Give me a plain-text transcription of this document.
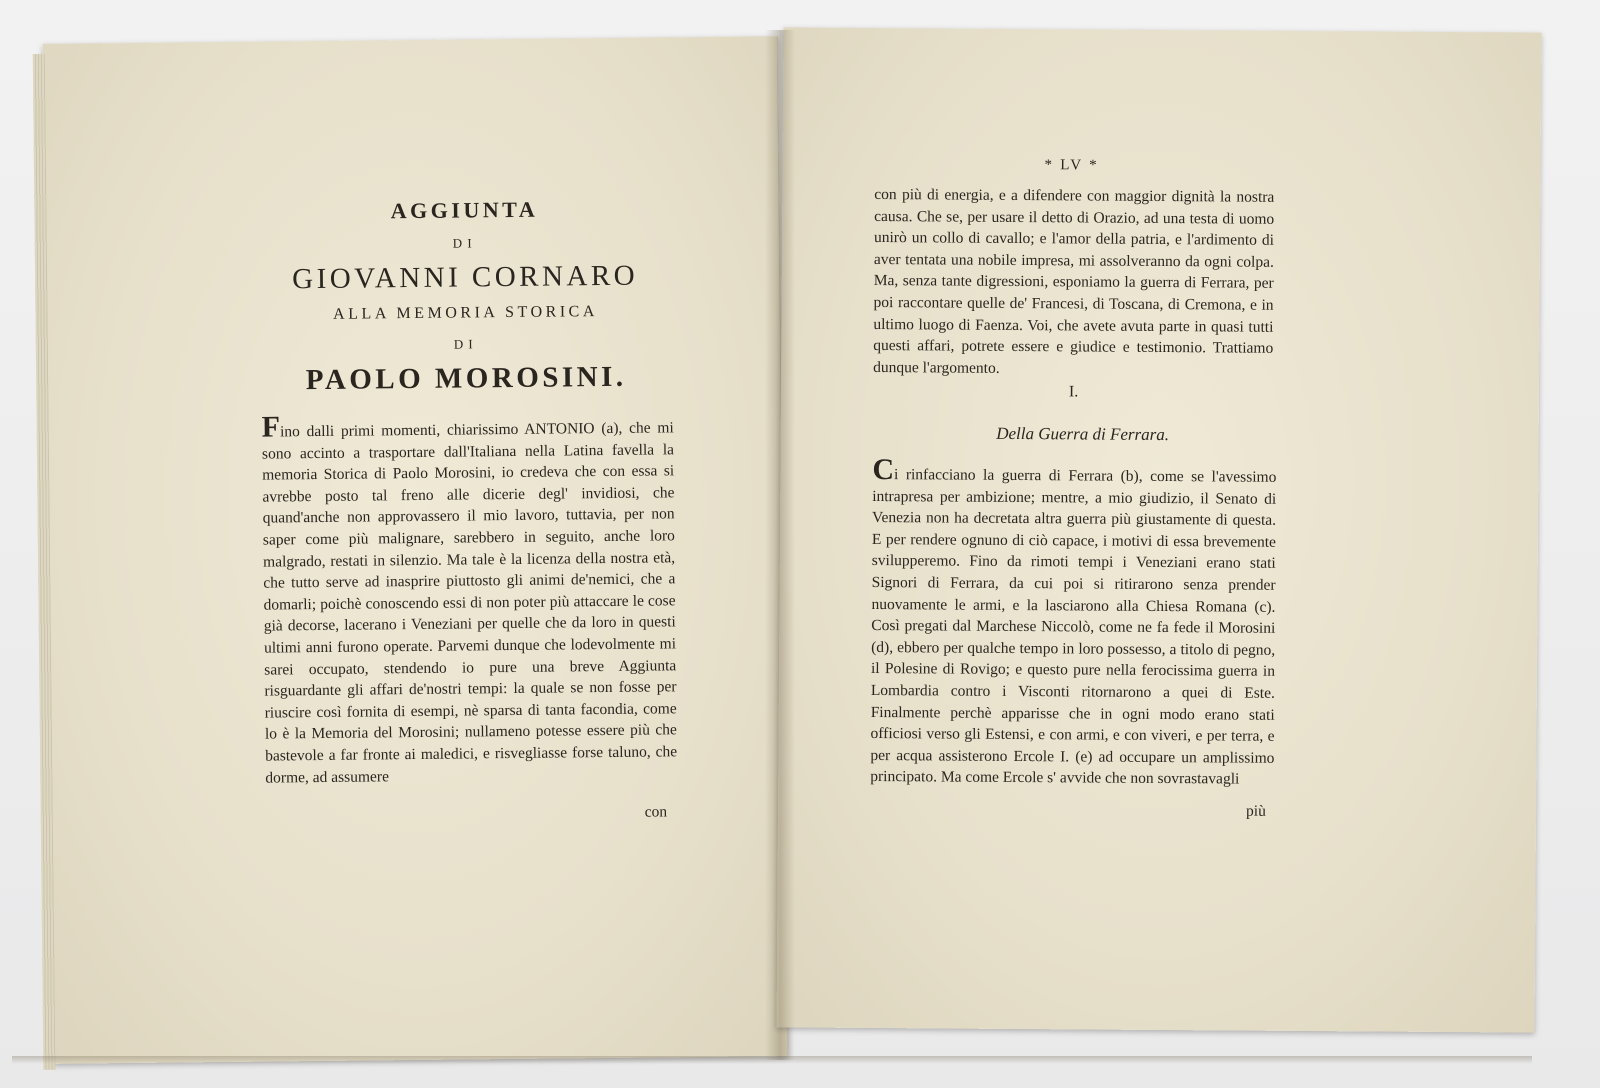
AGGIUNTA
DI
GIOVANNI CORNARO
ALLA MEMORIA STORICA
DI
PAOLO MOROSINI.

Fino dalli primi momenti, chiarissimo ANTONIO (a), che mi sono accinto a trasportare dall'Italiana nella Latina favella la memoria Storica di Paolo Morosini, io credeva che con essa si avrebbe posto tal freno alle dicerie degl' invidiosi, che quand'anche non approvassero il mio lavoro, tuttavia, per non saper come più malignare, sarebbero in seguito, anche loro malgrado, restati in silenzio. Ma tale è la licenza della nostra età, che tutto serve ad inasprire piuttosto gli animi de'nemici, che a domarli; poichè conoscendo essi di non poter più attaccare le cose già decorse, lacerano i Veneziani per quelle che da loro in questi ultimi anni furono operate. Parvemi dunque che lodevolmente mi sarei occupato, stendendo io pure una breve Aggiunta risguardante gli affari de'nostri tempi: la quale se non fosse per riuscire così fornita di esempi, nè sparsa di tanta facondia, come lo è la Memoria del Morosini; nullameno potesse essere più che bastevole a far fronte ai maledici, e risvegliasse forse taluno, che dorme, ad assumere

con
* LV *

con più di energia, e a difendere con maggior dignità la nostra causa. Che se, per usare il detto di Orazio, ad una testa di uomo unirò un collo di cavallo; e l'amor della patria, e l'ardimento di aver tentata una nobile impresa, mi assolveranno da ogni colpa. Ma, senza tante digressioni, esponiamo la guerra di Ferrara, per poi raccontare quelle de' Francesi, di Toscana, di Cremona, e in ultimo luogo di Faenza. Voi, che avete avuta parte in quasi tutti questi affari, potrete essere e giudice e testimonio. Trattiamo dunque l'argomento.

I.
Della Guerra di Ferrara.

Ci rinfacciano la guerra di Ferrara (b), come se l'avessimo intrapresa per ambizione; mentre, a mio giudizio, il Senato di Venezia non ha decretata altra guerra più giustamente di questa. E per rendere ognuno di ciò capace, i motivi di essa brevemente svilupperemo. Fino da rimoti tempi i Veneziani erano stati Signori di Ferrara, da cui poi si ritirarono senza prender nuovamente le armi, e la lasciarono alla Chiesa Romana (c). Così pregati dal Marchese Niccolò, come ne fa fede il Morosini (d), ebbero per qualche tempo in loro possesso, a titolo di pegno, il Polesine di Rovigo; e questo pure nella ferocissima guerra in Lombardia contro i Visconti ritornarono a quei di Este. Finalmente perchè apparisse che in ogni modo erano stati officiosi verso gli Estensi, e con armi, e con viveri, e per terra, e per acqua assisterono Ercole I. (e) ad occupare un amplissimo principato. Ma come Ercole s' avvide che non sovrastavagli

più
